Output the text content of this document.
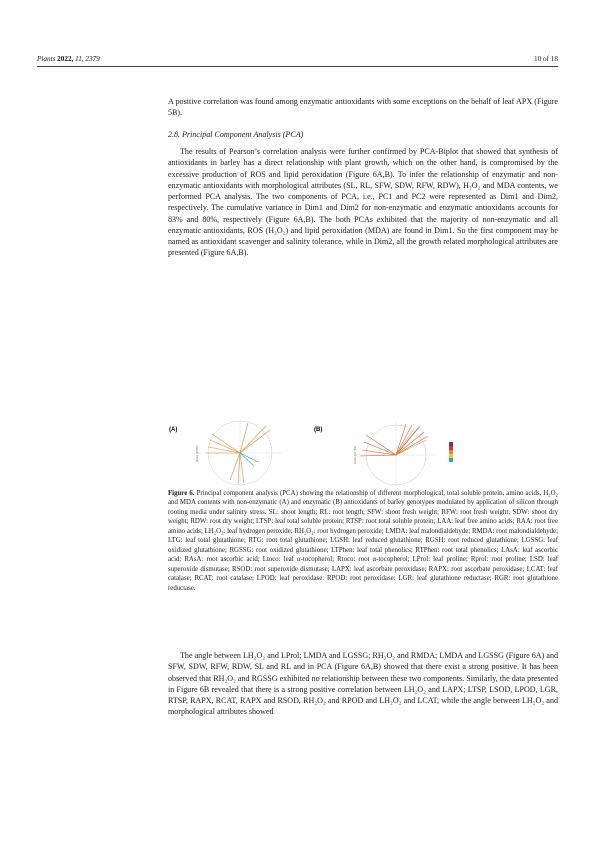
Plants 2022, 11, 2379	10 of 18

A positive correlation was found among enzymatic antioxidants with some exceptions on the behalf of leaf APX (Figure 5B).

2.8. Principal Component Analysis (PCA)

The results of Pearson’s correlation analysis were further confirmed by PCA-Biplot that showed that synthesis of antioxidants in barley has a direct relationship with plant growth, which on the other hand, is compromised by the excessive production of ROS and lipid peroxidation (Figure 6A,B). To infer the relationship of enzymatic and non-enzymatic antioxidants with morphological attributes (SL, RL, SFW, SDW, RFW, RDW), H₂O₂ and MDA contents, we performed PCA analysis. The two components of PCA, i.e., PC1 and PC2 were represented as Dim1 and Dim2, respectively. The cumulative variance in Dim1 and Dim2 for non-enzymatic and enzymatic antioxidants accounts for 83% and 80%, respectively (Figure 6A,B). The both PCAs exhibited that the majority of non-enzymatic and all enzymatic antioxidants, ROS (H₂O₂) and lipid peroxidation (MDA) are found in Dim1. So the first component may be named as antioxidant scavenger and salinity tolerance, while in Dim2, all the growth related morphological attributes are presented (Figure 6A,B).

(A)	(B)
Dim2 (4.5%)	Dim2 (12.4%)

Figure 6. Principal component analysis (PCA) showing the relationship of different morphological, total soluble protein, amino acids, H₂O₂ and MDA contents with non-enzymatic (A) and enzymatic (B) antioxidants of barley genotypes modulated by application of silicon through rooting media under salinity stress. SL: shoot length; RL: root length; SFW: shoot fresh weight; RFW: root fresh weight; SDW: shoot dry weight; RDW: root dry weight; LTSP: leaf total soluble protein; RTSP: root total soluble protein; LAA: leaf free amino acids; RAA: root free amino acids; LH₂O₂: leaf hydrogen peroxide; RH₂O₂: root hydrogen peroxide; LMDA: leaf malondialdehyde; RMDA: root malondialdehyde; LTG: leaf total glutathione; RTG: root total glutathione; LGSH: leaf reduced glutathione; RGSH: root reduced glutathione; LGSSG: leaf oxidized glutathione; RGSSG: root oxidized glutathione; LTPhen: leaf total phenolics; RTPhen: root total phenolics; LAsA: leaf ascorbic acid; RAsA: root ascorbic acid; Ltoco: leaf α-tocopherol; Rtoco: root α-tocopherol; LProl: leaf proline; Rprol: root proline; LSD: leaf superoxide dismutase; RSOD: root superoxide dismutase; LAPX: leaf ascorbate peroxidase; RAPX: root ascorbate peroxidase; LCAT: leaf catalase; RCAT: root catalase; LPOD: leaf peroxidase: RPOD: root peroxidase: LGR: leaf glutathione reductase; RGR: root glutathione reductase.

The angle between LH₂O₂ and LProl; LMDA and LGSSG; RH₂O₂ and RMDA; LMDA and LGSSG (Figure 6A) and SFW, SDW, RFW, RDW, SL and RL and in PCA (Figure 6A,B) showed that there exist a strong positive. It has been observed that RH₂O₂ and RGSSG exhibited no relationship between these two components. Similarly, the data presented in Figure 6B revealed that there is a strong positive correlation between LH₂O₂ and LAPX; LTSP, LSOD, LPOD, LGR, RTSP, RAPX, RCAT, RAPX and RSOD, RH₂O₂ and RPOD and LH₂O₂ and LCAT, while the angle between LH₂O₂ and morphological attributes showed
